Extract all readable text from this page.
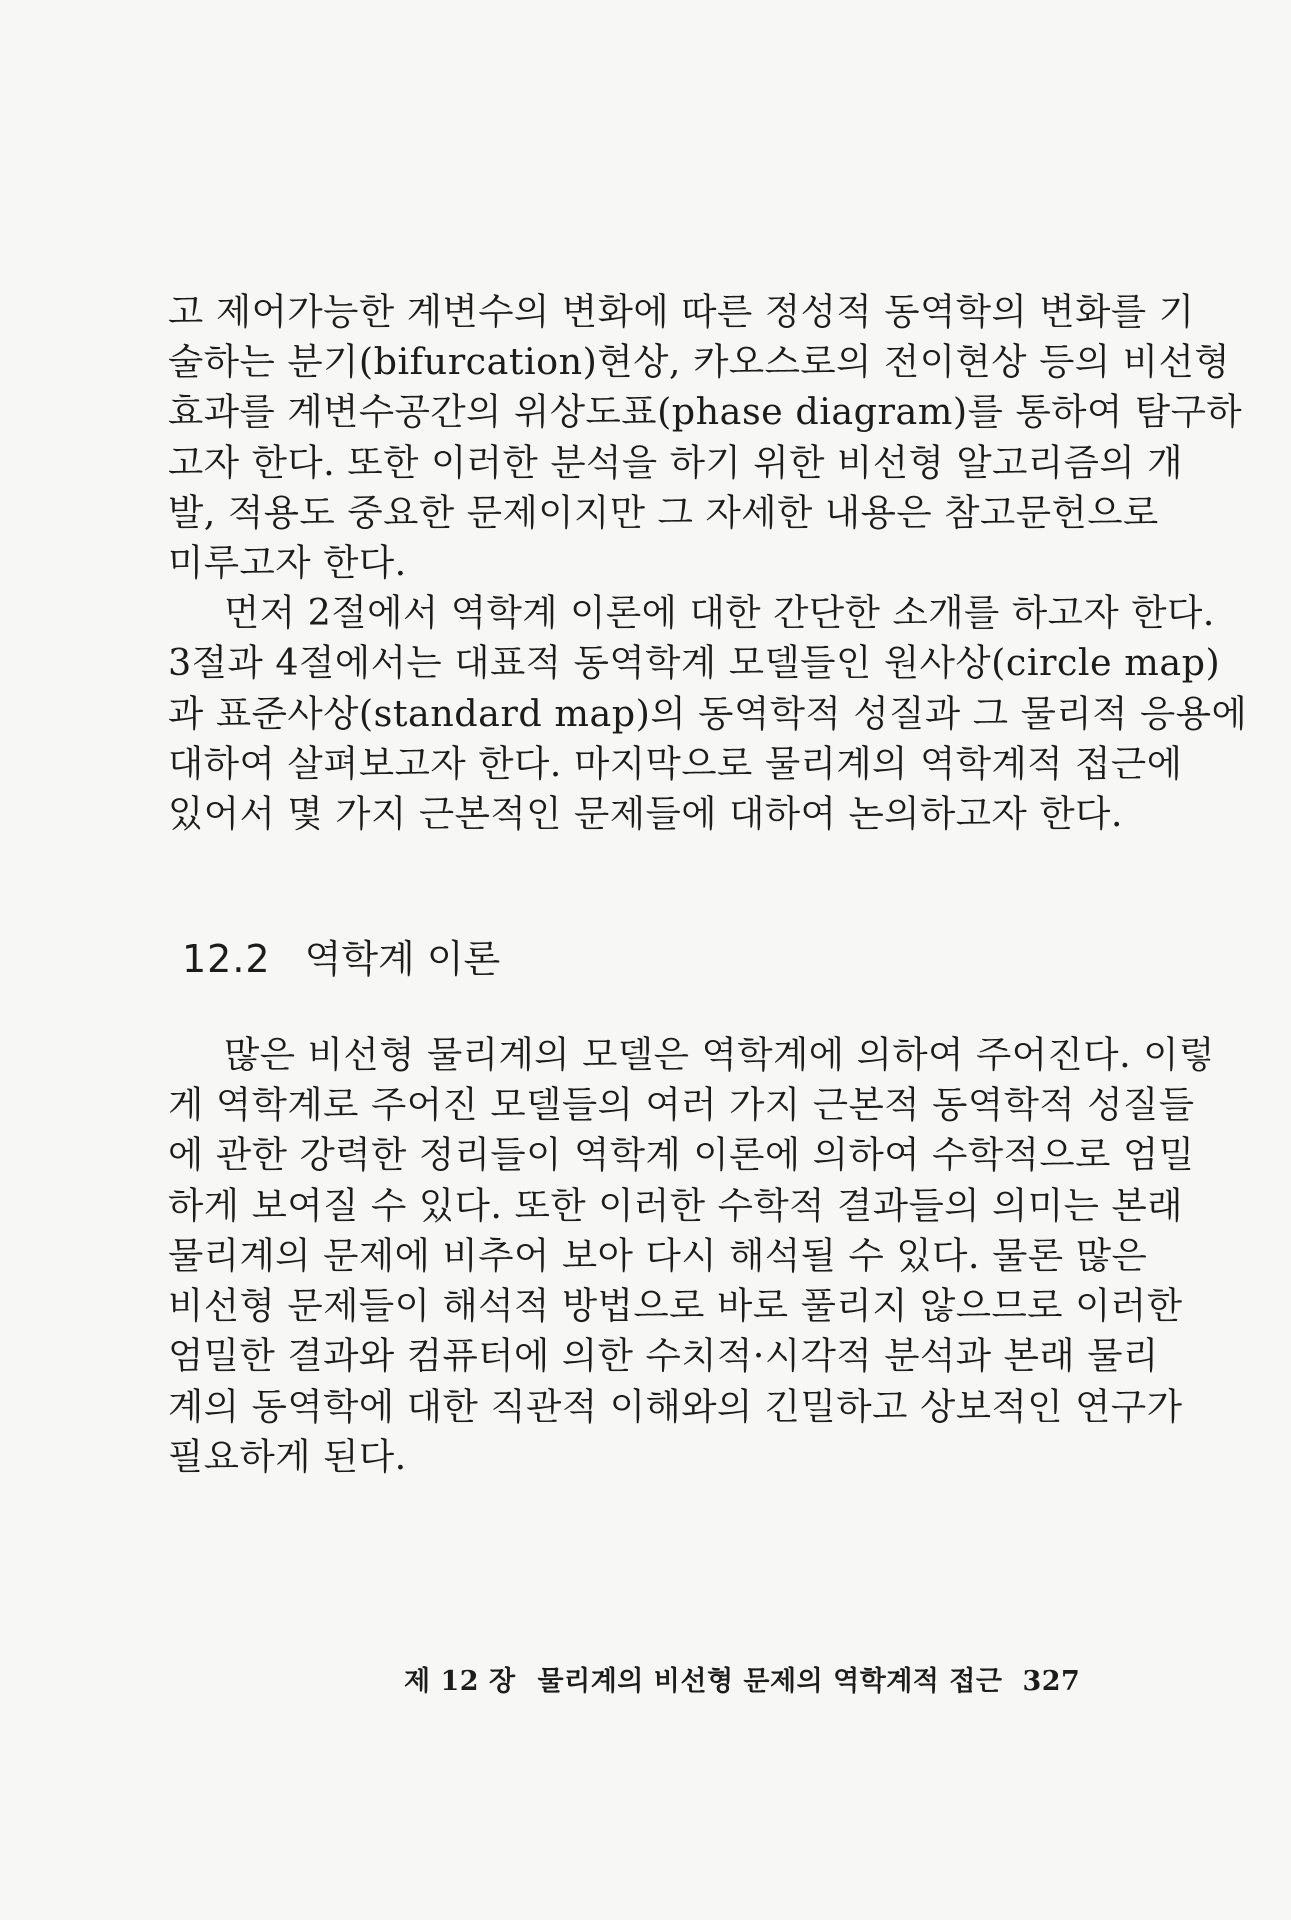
고 제어가능한 계변수의 변화에 따른 정성적 동역학의 변화를 기
술하는 분기(bifurcation)현상, 카오스로의 전이현상 등의 비선형
효과를 계변수공간의 위상도표(phase diagram)를 통하여 탐구하
고자 한다. 또한 이러한 분석을 하기 위한 비선형 알고리즘의 개
발, 적용도 중요한 문제이지만 그 자세한 내용은 참고문헌으로
미루고자 한다.
먼저 2절에서 역학계 이론에 대한 간단한 소개를 하고자 한다.
3절과 4절에서는 대표적 동역학계 모델들인 원사상(circle map)
과 표준사상(standard map)의 동역학적 성질과 그 물리적 응용에
대하여 살펴보고자 한다. 마지막으로 물리계의 역학계적 접근에
있어서 몇 가지 근본적인 문제들에 대하여 논의하고자 한다.
12.2 역학계 이론
많은 비선형 물리계의 모델은 역학계에 의하여 주어진다. 이렇
게 역학계로 주어진 모델들의 여러 가지 근본적 동역학적 성질들
에 관한 강력한 정리들이 역학계 이론에 의하여 수학적으로 엄밀
하게 보여질 수 있다. 또한 이러한 수학적 결과들의 의미는 본래
물리계의 문제에 비추어 보아 다시 해석될 수 있다. 물론 많은
비선형 문제들이 해석적 방법으로 바로 풀리지 않으므로 이러한
엄밀한 결과와 컴퓨터에 의한 수치적·시각적 분석과 본래 물리
계의 동역학에 대한 직관적 이해와의 긴밀하고 상보적인 연구가
필요하게 된다.
제 12 장 물리계의 비선형 문제의 역학계적 접근 327
